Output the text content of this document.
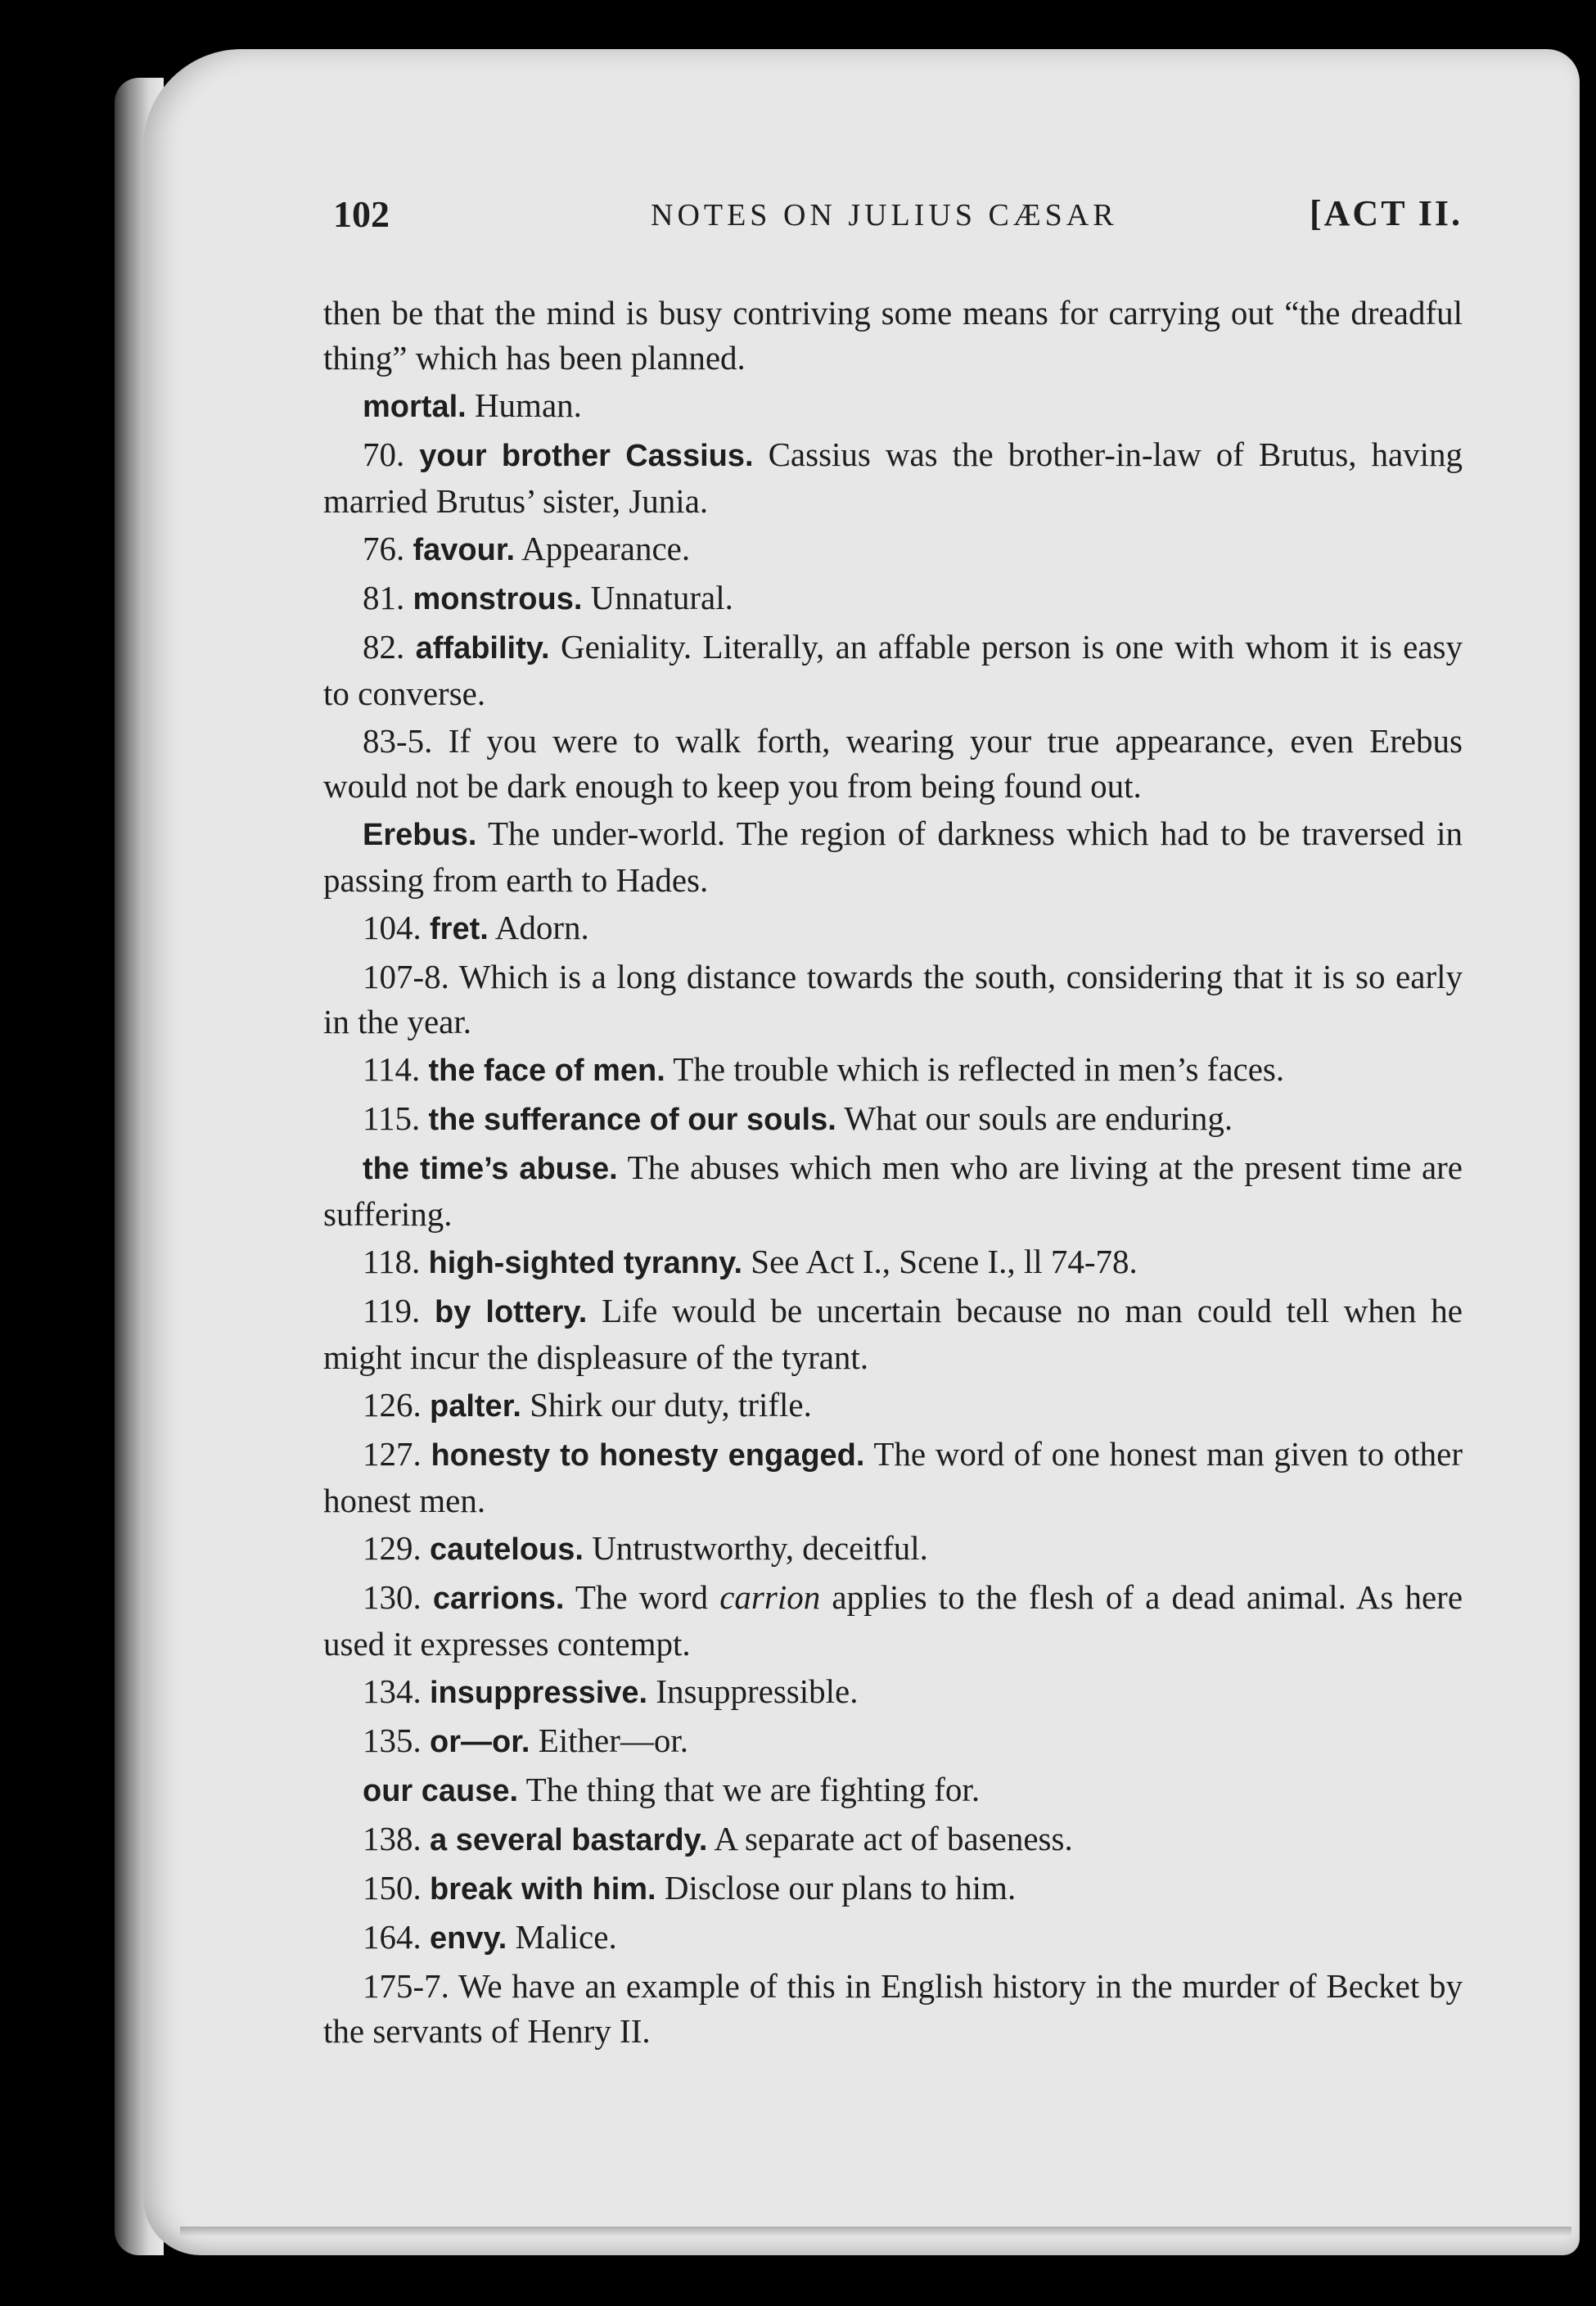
102	NOTES ON JULIUS CÆSAR	[ACT II.

then be that the mind is busy contriving some means for carrying out “the dreadful thing” which has been planned.

mortal. Human.

70. your brother Cassius. Cassius was the brother-in-law of Brutus, having married Brutus’ sister, Junia.

76. favour. Appearance.

81. monstrous. Unnatural.

82. affability. Geniality. Literally, an affable person is one with whom it is easy to converse.

83-5. If you were to walk forth, wearing your true appearance, even Erebus would not be dark enough to keep you from being found out.

Erebus. The under-world. The region of darkness which had to be traversed in passing from earth to Hades.

104. fret. Adorn.

107-8. Which is a long distance towards the south, considering that it is so early in the year.

114. the face of men. The trouble which is reflected in men’s faces.

115. the sufferance of our souls. What our souls are enduring.

the time’s abuse. The abuses which men who are living at the present time are suffering.

118. high-sighted tyranny. See Act I., Scene I., ll 74-78.

119. by lottery. Life would be uncertain because no man could tell when he might incur the displeasure of the tyrant.

126. palter. Shirk our duty, trifle.

127. honesty to honesty engaged. The word of one honest man given to other honest men.

129. cautelous. Untrustworthy, deceitful.

130. carrions. The word carrion applies to the flesh of a dead animal. As here used it expresses contempt.

134. insuppressive. Insuppressible.

135. or—or. Either—or.

our cause. The thing that we are fighting for.

138. a several bastardy. A separate act of baseness.

150. break with him. Disclose our plans to him.

164. envy. Malice.

175-7. We have an example of this in English history in the murder of Becket by the servants of Henry II.
